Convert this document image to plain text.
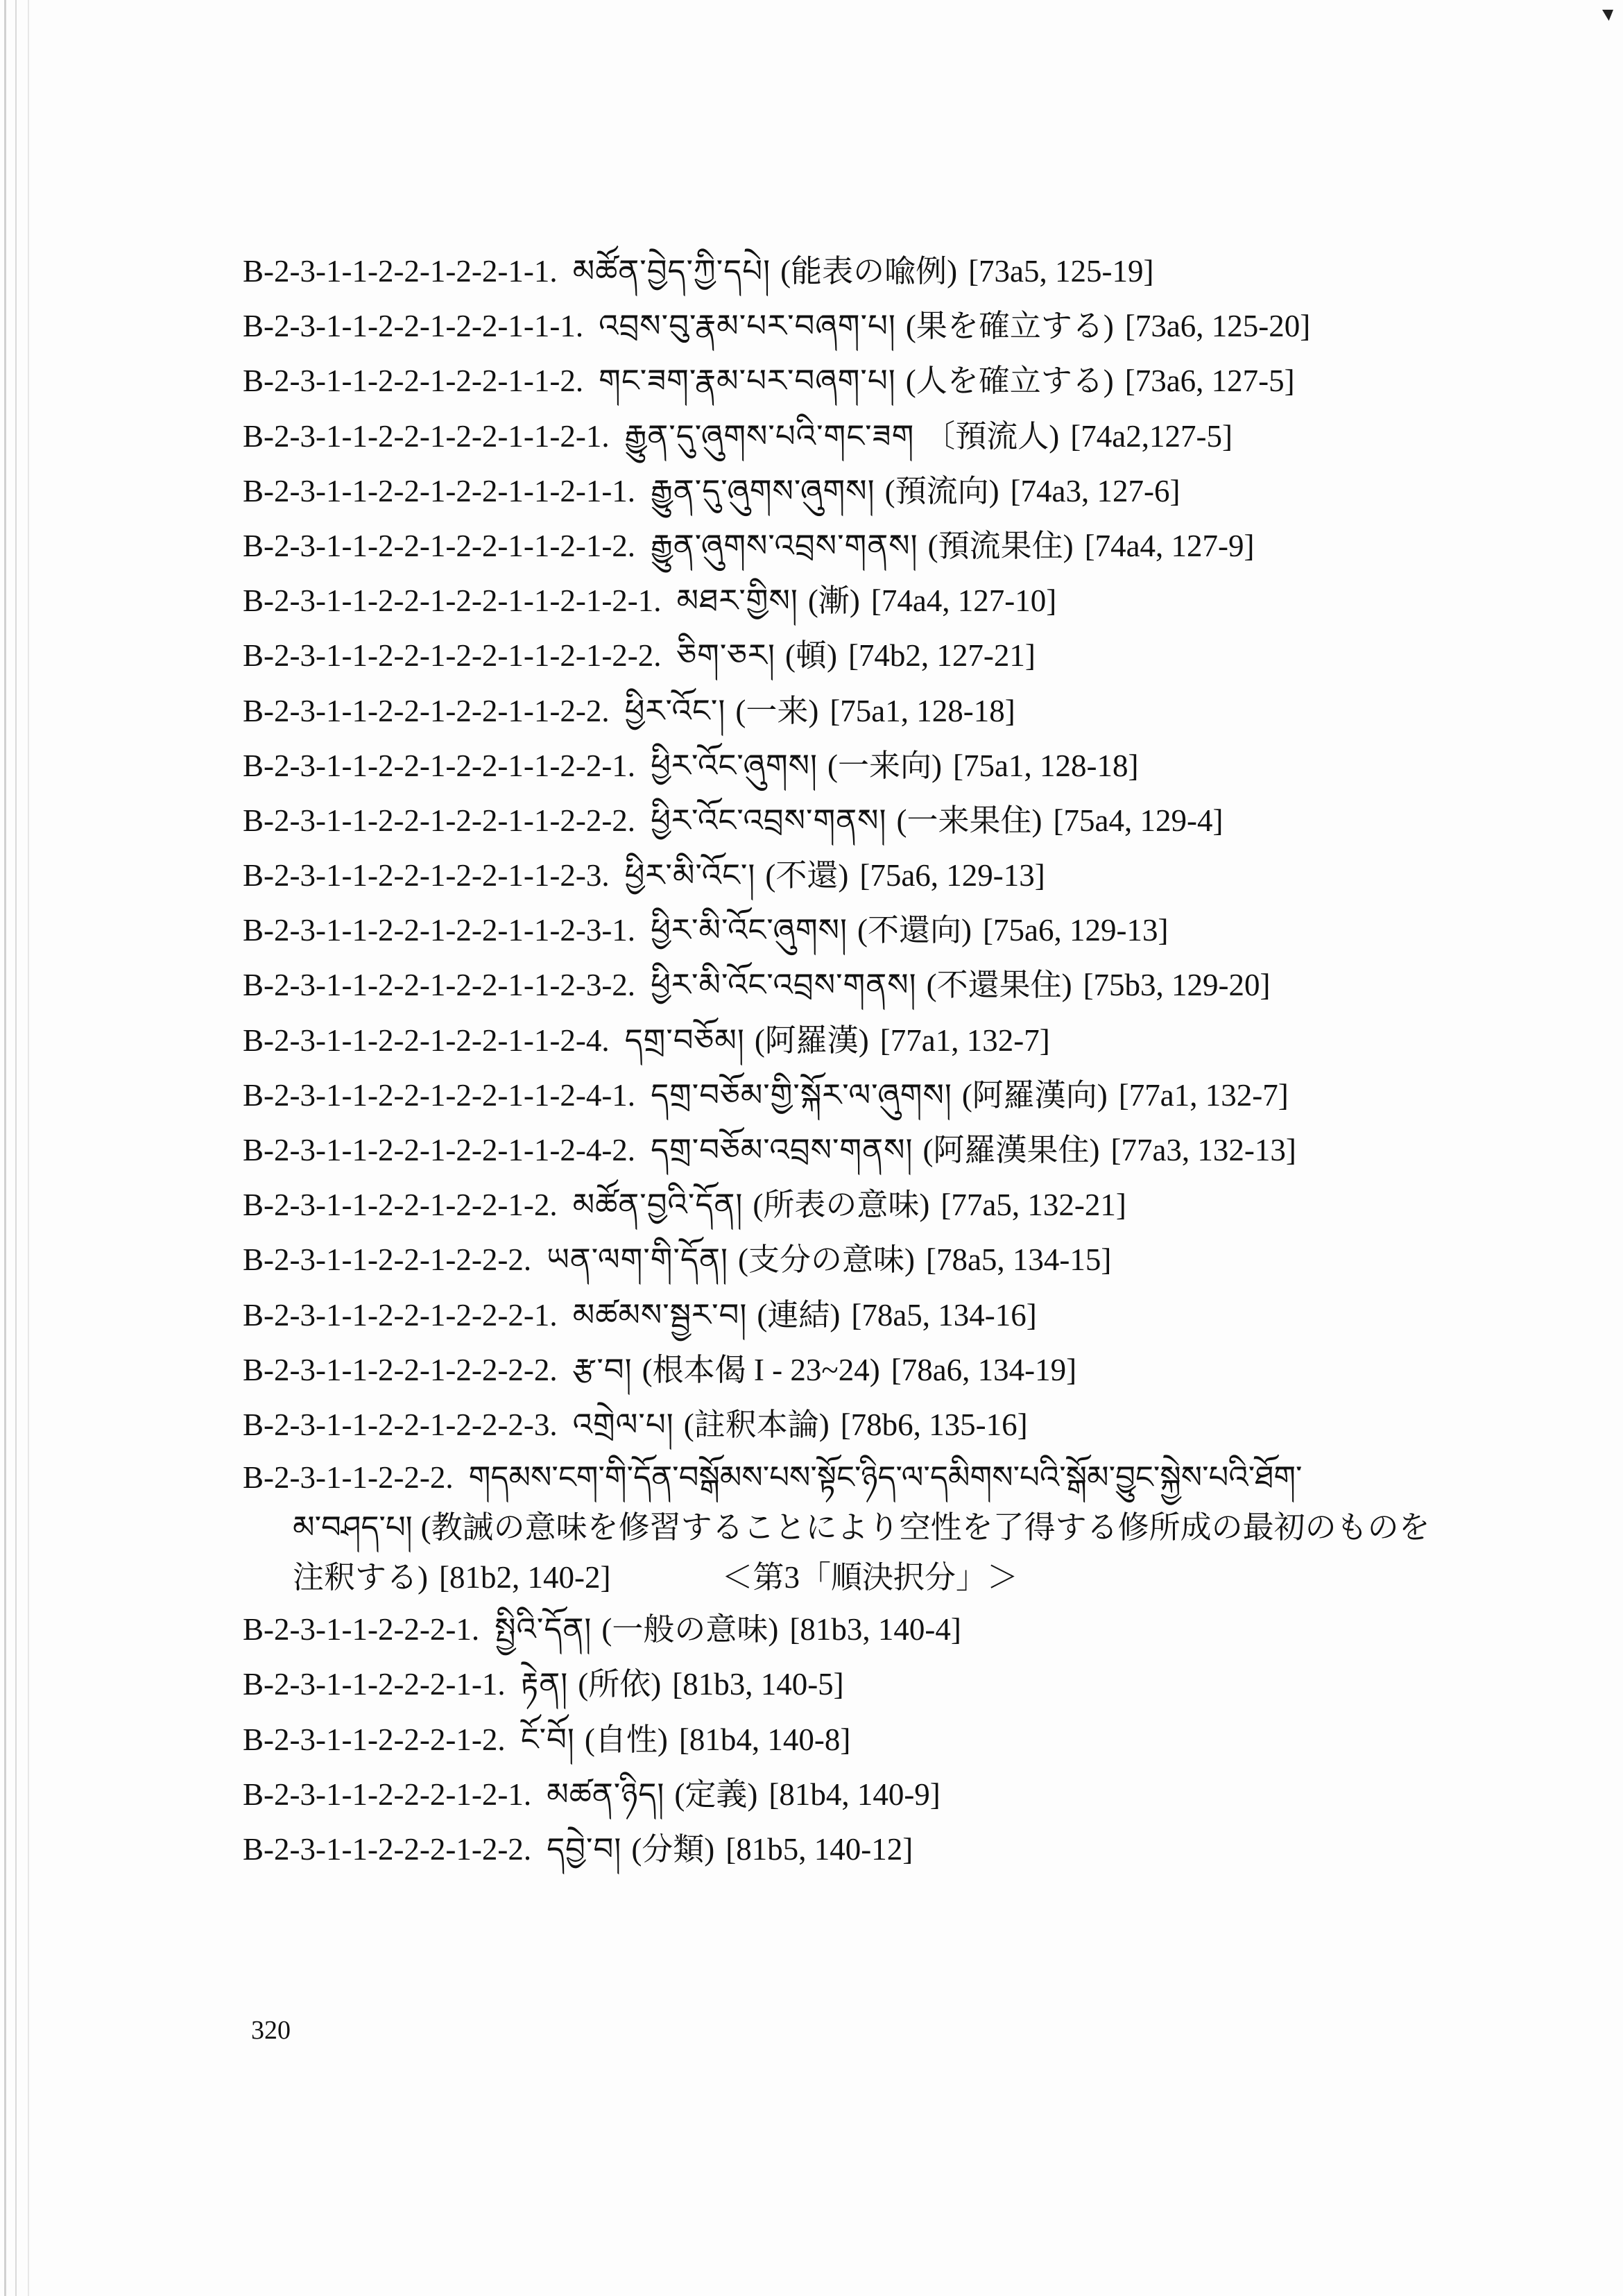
B-2-3-1-1-2-2-1-2-2-1-1. མཚོན་བྱེད་ཀྱི་དཔེ། (能表の喩例) [73a5, 125-19]
B-2-3-1-1-2-2-1-2-2-1-1-1. འབྲས་བུ་རྣམ་པར་བཞག་པ། (果を確立する) [73a6, 125-20]
B-2-3-1-1-2-2-1-2-2-1-1-2. གང་ཟག་རྣམ་པར་བཞག་པ། (人を確立する) [73a6, 127-5]
B-2-3-1-1-2-2-1-2-2-1-1-2-1. རྒྱུན་དུ་ཞུགས་པའི་གང་ཟག 〔預流人) [74a2,127-5]
B-2-3-1-1-2-2-1-2-2-1-1-2-1-1. རྒྱུན་དུ་ཞུགས་ཞུགས། (預流向) [74a3, 127-6]
B-2-3-1-1-2-2-1-2-2-1-1-2-1-2. རྒྱུན་ཞུགས་འབྲས་གནས། (預流果住) [74a4, 127-9]
B-2-3-1-1-2-2-1-2-2-1-1-2-1-2-1. མཐར་གྱིས། (漸) [74a4, 127-10]
B-2-3-1-1-2-2-1-2-2-1-1-2-1-2-2. ཅིག་ཅར། (頓) [74b2, 127-21]
B-2-3-1-1-2-2-1-2-2-1-1-2-2. ཕྱིར་འོང་། (一来) [75a1, 128-18]
B-2-3-1-1-2-2-1-2-2-1-1-2-2-1. ཕྱིར་འོང་ཞུགས། (一来向) [75a1, 128-18]
B-2-3-1-1-2-2-1-2-2-1-1-2-2-2. ཕྱིར་འོང་འབྲས་གནས། (一来果住) [75a4, 129-4]
B-2-3-1-1-2-2-1-2-2-1-1-2-3. ཕྱིར་མི་འོང་། (不還) [75a6, 129-13]
B-2-3-1-1-2-2-1-2-2-1-1-2-3-1. ཕྱིར་མི་འོང་ཞུགས། (不還向) [75a6, 129-13]
B-2-3-1-1-2-2-1-2-2-1-1-2-3-2. ཕྱིར་མི་འོང་འབྲས་གནས། (不還果住) [75b3, 129-20]
B-2-3-1-1-2-2-1-2-2-1-1-2-4. དགྲ་བཅོམ། (阿羅漢) [77a1, 132-7]
B-2-3-1-1-2-2-1-2-2-1-1-2-4-1. དགྲ་བཅོམ་གྱི་སྐོར་ལ་ཞུགས། (阿羅漢向) [77a1, 132-7]
B-2-3-1-1-2-2-1-2-2-1-1-2-4-2. དགྲ་བཅོམ་འབྲས་གནས། (阿羅漢果住) [77a3, 132-13]
B-2-3-1-1-2-2-1-2-2-1-2. མཚོན་བྱའི་དོན། (所表の意味) [77a5, 132-21]
B-2-3-1-1-2-2-1-2-2-2. ཡན་ལག་གི་དོན། (支分の意味) [78a5, 134-15]
B-2-3-1-1-2-2-1-2-2-2-1. མཚམས་སྦྱར་བ། (連結) [78a5, 134-16]
B-2-3-1-1-2-2-1-2-2-2-2. རྩ་བ། (根本偈 I - 23~24) [78a6, 134-19]
B-2-3-1-1-2-2-1-2-2-2-3. འགྲེལ་པ། (註釈本論) [78b6, 135-16]
B-2-3-1-1-2-2-2. གདམས་ངག་གི་དོན་བསྒོམས་པས་སྟོང་ཉིད་ལ་དམིགས་པའི་སྒོམ་བྱུང་སྐྱེས་པའི་ཐོག་
མ་བཤད་པ། (教誡の意味を修習することにより空性を了得する修所成の最初のものを
注釈する) [81b2, 140-2]	＜第3「順決択分」＞
B-2-3-1-1-2-2-2-1. སྤྱིའི་དོན། (一般の意味) [81b3, 140-4]
B-2-3-1-1-2-2-2-1-1. རྟེན། (所依) [81b3, 140-5]
B-2-3-1-1-2-2-2-1-2. ངོ་བོ། (自性) [81b4, 140-8]
B-2-3-1-1-2-2-2-1-2-1. མཚན་ཉིད། (定義) [81b4, 140-9]
B-2-3-1-1-2-2-2-1-2-2. དབྱེ་བ། (分類) [81b5, 140-12]
320
